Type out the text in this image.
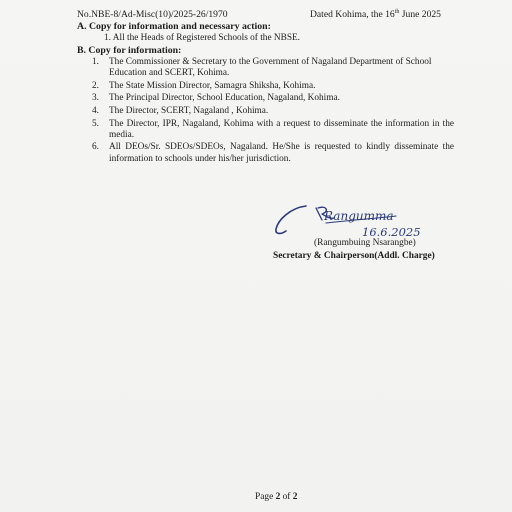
No.NBE-8/Ad-Misc(10)/2025-26/1970	Dated Kohima, the 16th June 2025
A. Copy for information and necessary action:
1. All the Heads of Registered Schools of the NBSE.
B. Copy for information:
1.	The Commissioner & Secretary to the Government of Nagaland Department of School Education and SCERT, Kohima.
2.	The State Mission Director, Samagra Shiksha, Kohima.
3.	The Principal Director, School Education, Nagaland, Kohima.
4.	The Director, SCERT, Nagaland , Kohima.
5.	The Director, IPR, Nagaland, Kohima with a request to disseminate the information in the media.
6.	All DEOs/Sr. SDEOs/SDEOs, Nagaland. He/She is requested to kindly disseminate the information to schools under his/her jurisdiction.
Rangumma
16.6.2025
(Rangumbuing Nsarangbe)
Secretary & Chairperson(Addl. Charge)
Page 2 of 2
